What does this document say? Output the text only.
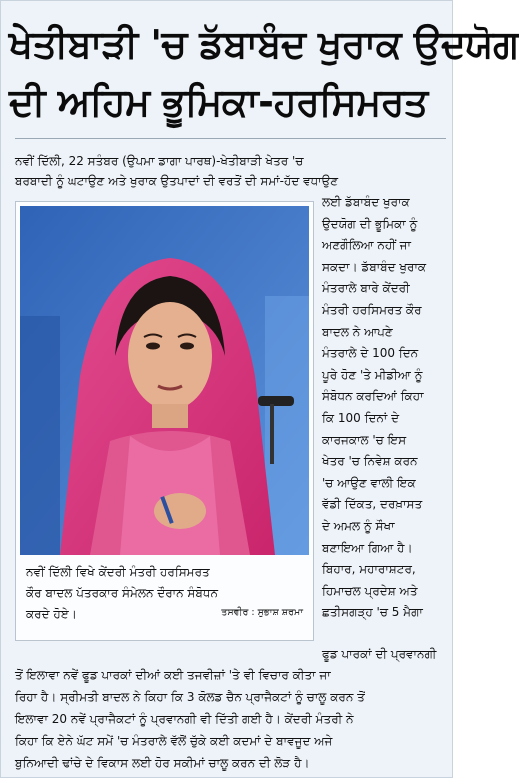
ਖੇਤੀਬਾੜੀ 'ਚ ਡੱਬਾਬੰਦ ਖੁਰਾਕ ਉਦਯੋਗ
ਦੀ ਅਹਿਮ ਭੂਮਿਕਾ-ਹਰਸਿਮਰਤ
ਨਵੀਂ ਦਿੱਲੀ, 22 ਸਤੰਬਰ (ਉਪਮਾ ਡਾਗਾ ਪਾਰਥ)-ਖੇਤੀਬਾੜੀ ਖੇਤਰ 'ਚ
ਬਰਬਾਦੀ ਨੂੰ ਘਟਾਉਣ ਅਤੇ ਖੁਰਾਕ ਉਤਪਾਦਾਂ ਦੀ ਵਰਤੋਂ ਦੀ ਸਮਾਂ-ਹੱਦ ਵਧਾਉਣ
ਲਈ ਡੱਬਾਬੰਦ ਖੁਰਾਕ
ਉਦਯੋਗ ਦੀ ਭੂਮਿਕਾ ਨੂੰ
ਅਣਗੌਲਿਆ ਨਹੀਂ ਜਾ
ਸਕਦਾ। ਡੱਬਾਬੰਦ ਖੁਰਾਕ
ਮੰਤਰਾਲੇ ਬਾਰੇ ਕੇਂਦਰੀ
ਮੰਤਰੀ ਹਰਸਿਮਰਤ ਕੌਰ
ਬਾਦਲ ਨੇ ਆਪਣੇ
ਮੰਤਰਾਲੇ ਦੇ 100 ਦਿਨ
ਪੂਰੇ ਹੋਣ 'ਤੇ ਮੀਡੀਆ ਨੂੰ
ਸੰਬੋਧਨ ਕਰਦਿਆਂ ਕਿਹਾ
ਕਿ 100 ਦਿਨਾਂ ਦੇ
ਕਾਰਜਕਾਲ 'ਚ ਇਸ
ਖੇਤਰ 'ਚ ਨਿਵੇਸ਼ ਕਰਨ
'ਚ ਆਉਣ ਵਾਲੀ ਇਕ
ਵੱਡੀ ਦਿੱਕਤ, ਦਰਖ਼ਾਸਤ
ਦੇ ਅਮਲ ਨੂੰ ਸੌਖਾ
ਬਣਾਇਆ ਗਿਆ ਹੈ।
ਬਿਹਾਰ, ਮਹਾਰਾਸ਼ਟਰ,
ਹਿਮਾਚਲ ਪ੍ਰਦੇਸ਼ ਅਤੇ
ਛਤੀਸਗੜ੍ਹ 'ਚ 5 ਮੈਗਾ
ਨਵੀਂ ਦਿੱਲੀ ਵਿਖੇ ਕੇਂਦਰੀ ਮੰਤਰੀ ਹਰਸਿਮਰਤ
ਕੌਰ ਬਾਦਲ ਪੱਤਰਕਾਰ ਸੰਮੇਲਨ ਦੌਰਾਨ ਸੰਬੋਧਨ
ਕਰਦੇ ਹੋਏ।	ਤਸਵੀਰ : ਸੁਭਾਸ਼ ਸ਼ਰਮਾ
ਫੂਡ ਪਾਰਕਾਂ ਦੀ ਪ੍ਰਵਾਨਗੀ
ਤੋਂ ਇਲਾਵਾ ਨਵੇਂ ਫੂਡ ਪਾਰਕਾਂ ਦੀਆਂ ਕਈ ਤਜਵੀਜ਼ਾਂ 'ਤੇ ਵੀ ਵਿਚਾਰ ਕੀਤਾ ਜਾ
ਰਿਹਾ ਹੈ। ਸ੍ਰੀਮਤੀ ਬਾਦਲ ਨੇ ਕਿਹਾ ਕਿ 3 ਕੋਲਡ ਚੈਨ ਪ੍ਰਾਜੈਕਟਾਂ ਨੂੰ ਚਾਲੂ ਕਰਨ ਤੋਂ
ਇਲਾਵਾ 20 ਨਵੇਂ ਪ੍ਰਾਜੈਕਟਾਂ ਨੂੰ ਪ੍ਰਵਾਨਗੀ ਵੀ ਦਿੱਤੀ ਗਈ ਹੈ। ਕੇਂਦਰੀ ਮੰਤਰੀ ਨੇ
ਕਿਹਾ ਕਿ ਏਨੇ ਘੱਟ ਸਮੇਂ 'ਚ ਮੰਤਰਾਲੇ ਵੱਲੋਂ ਚੁੱਕੇ ਕਈ ਕਦਮਾਂ ਦੇ ਬਾਵਜੂਦ ਅਜੇ
ਬੁਨਿਆਦੀ ਢਾਂਚੇ ਦੇ ਵਿਕਾਸ ਲਈ ਹੋਰ ਸਕੀਮਾਂ ਚਾਲੂ ਕਰਨ ਦੀ ਲੋੜ ਹੈ।
